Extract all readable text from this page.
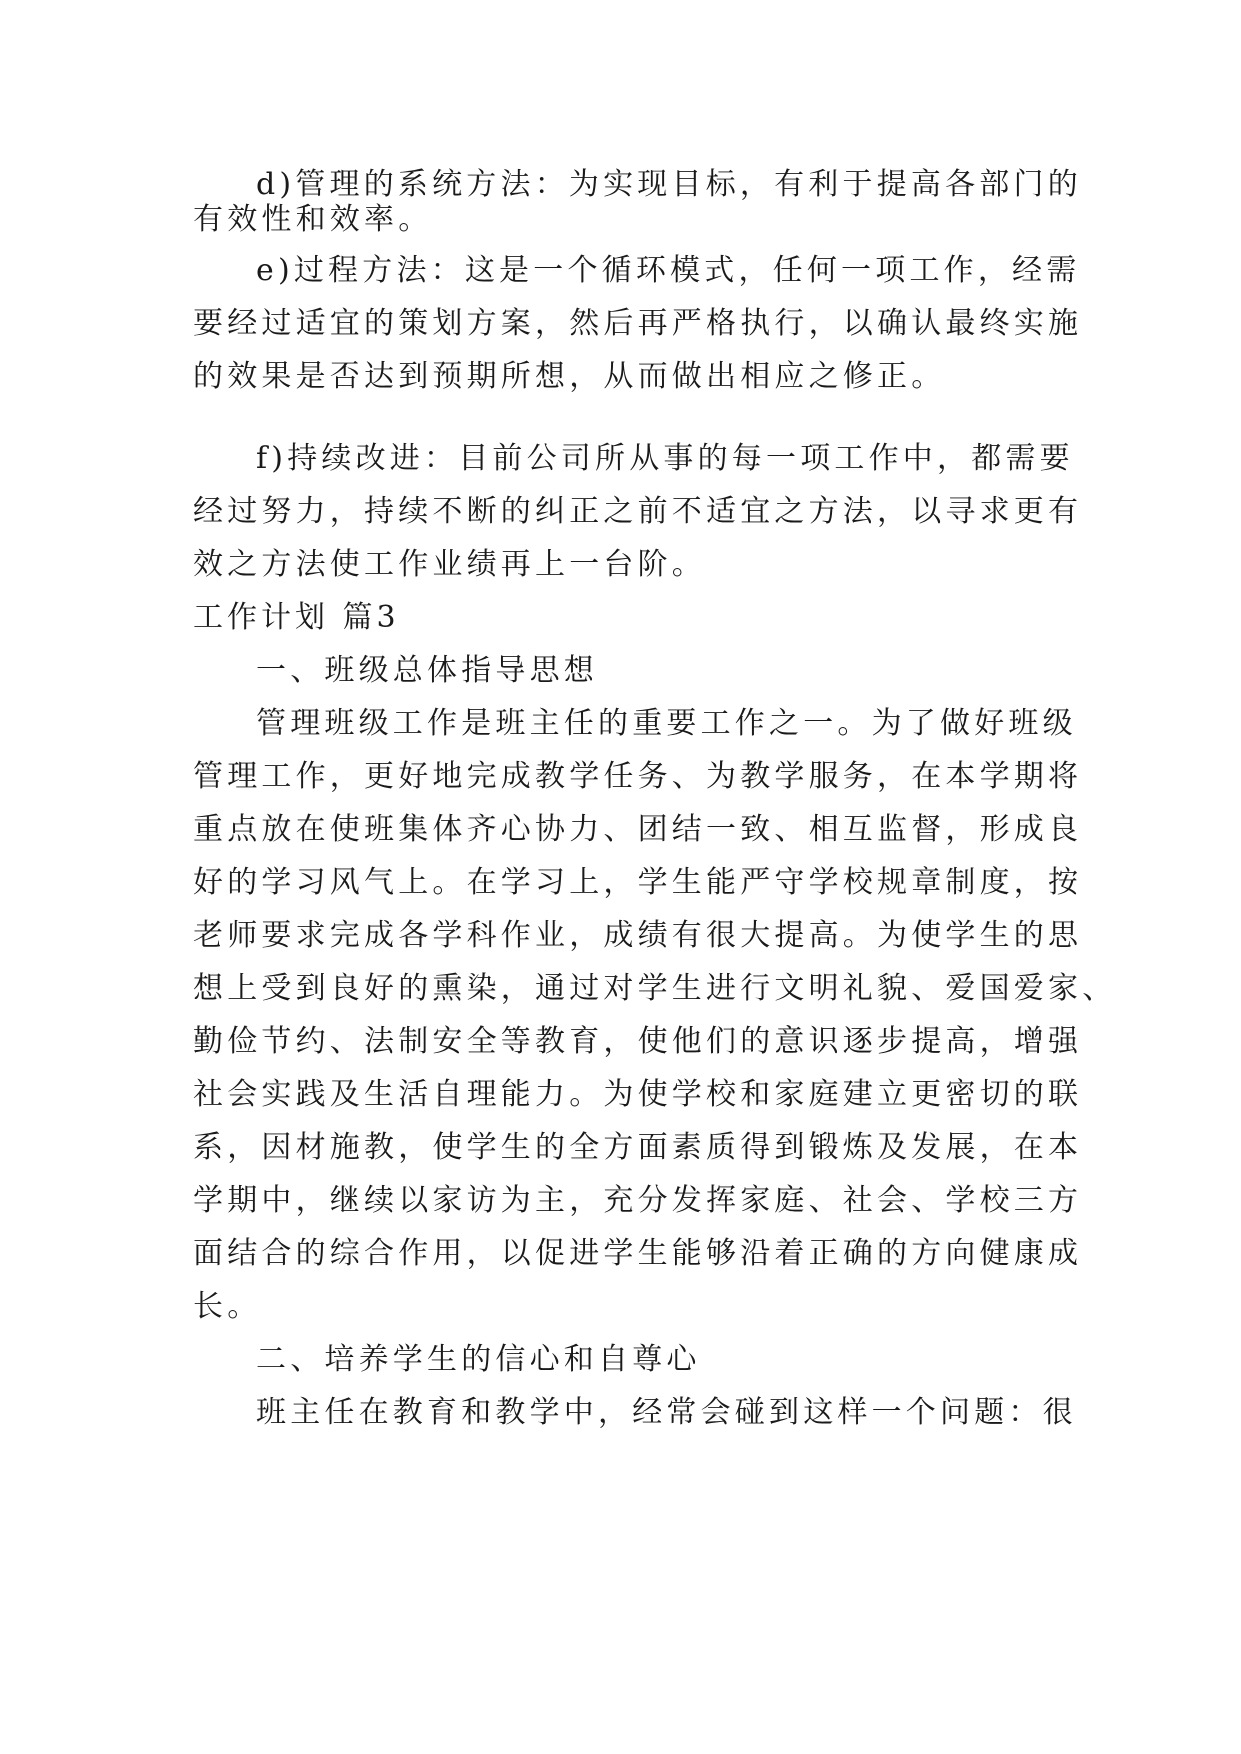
d)管理的系统方法：为实现目标，有利于提高各部门的
有效性和效率。
e)过程方法：这是一个循环模式，任何一项工作，经需
要经过适宜的策划方案，然后再严格执行，以确认最终实施
的效果是否达到预期所想，从而做出相应之修正。
f)持续改进：目前公司所从事的每一项工作中，都需要
经过努力，持续不断的纠正之前不适宜之方法，以寻求更有
效之方法使工作业绩再上一台阶。
工作计划 篇3
一、班级总体指导思想
管理班级工作是班主任的重要工作之一。为了做好班级
管理工作，更好地完成教学任务、为教学服务，在本学期将
重点放在使班集体齐心协力、团结一致、相互监督，形成良
好的学习风气上。在学习上，学生能严守学校规章制度，按
老师要求完成各学科作业，成绩有很大提高。为使学生的思
想上受到良好的熏染，通过对学生进行文明礼貌、爱国爱家、
勤俭节约、法制安全等教育，使他们的意识逐步提高，增强
社会实践及生活自理能力。为使学校和家庭建立更密切的联
系，因材施教，使学生的全方面素质得到锻炼及发展，在本
学期中，继续以家访为主，充分发挥家庭、社会、学校三方
面结合的综合作用，以促进学生能够沿着正确的方向健康成
长。
二、培养学生的信心和自尊心
班主任在教育和教学中，经常会碰到这样一个问题：很
